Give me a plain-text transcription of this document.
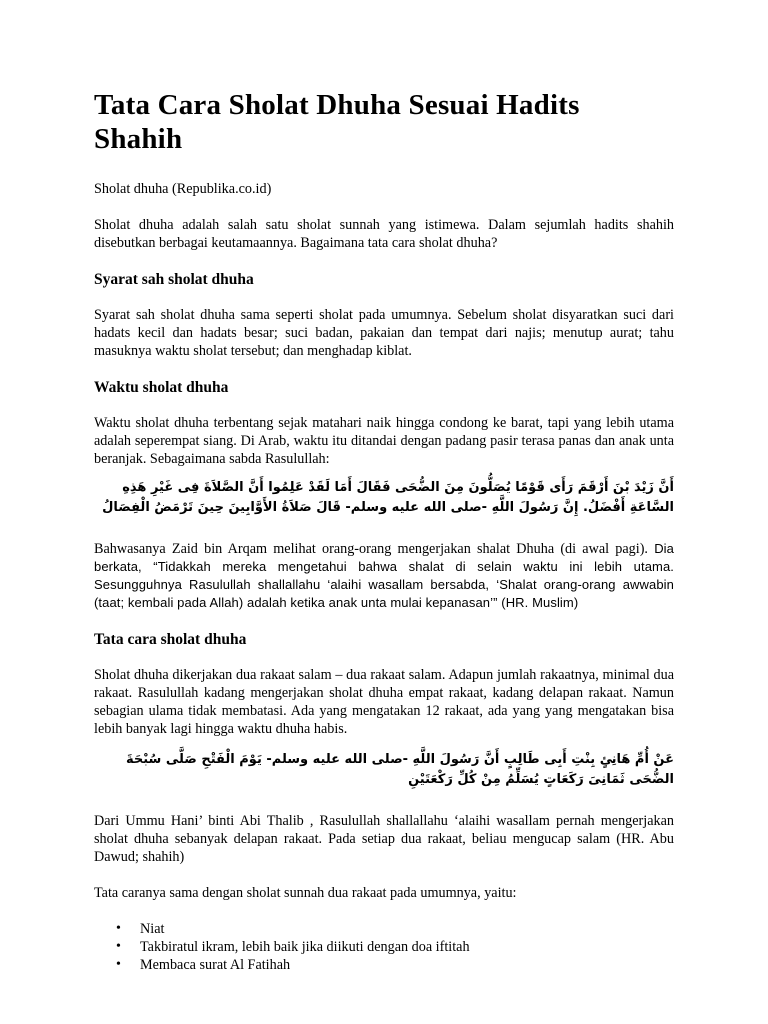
Tata Cara Sholat Dhuha Sesuai Hadits Shahih

Sholat dhuha (Republika.co.id)

Sholat dhuha adalah salah satu sholat sunnah yang istimewa. Dalam sejumlah hadits shahih disebutkan berbagai keutamaannya. Bagaimana tata cara sholat dhuha?

Syarat sah sholat dhuha

Syarat sah sholat dhuha sama seperti sholat pada umumnya. Sebelum sholat disyaratkan suci dari hadats kecil dan hadats besar; suci badan, pakaian dan tempat dari najis; menutup aurat; tahu masuknya waktu sholat tersebut; dan menghadap kiblat.

Waktu sholat dhuha

Waktu sholat dhuha terbentang sejak matahari naik hingga condong ke barat, tapi yang lebih utama adalah seperempat siang. Di Arab, waktu itu ditandai dengan padang pasir terasa panas dan anak unta beranjak. Sebagaimana sabda Rasulullah:

أَنَّ زَيْدَ بْنَ أَرْقَمَ رَأَى قَوْمًا يُصَلُّونَ مِنَ الضُّحَى فَقَالَ أَمَا لَقَدْ عَلِمُوا أَنَّ الصَّلاَةَ فِى غَيْرِ هَذِهِ السَّاعَةِ أَفْضَلُ. إِنَّ رَسُولَ اللَّهِ -صلى الله عليه وسلم- قَالَ صَلاَةُ الأَوَّابِينَ حِينَ تَرْمَضُ الْفِصَالُ

Bahwasanya Zaid bin Arqam melihat orang-orang mengerjakan shalat Dhuha (di awal pagi). Dia berkata, “Tidakkah mereka mengetahui bahwa shalat di selain waktu ini lebih utama. Sesungguhnya Rasulullah shallallahu ‘alaihi wasallam bersabda, ‘Shalat orang-orang awwabin (taat; kembali pada Allah) adalah ketika anak unta mulai kepanasan’” (HR. Muslim)

Tata cara sholat dhuha

Sholat dhuha dikerjakan dua rakaat salam – dua rakaat salam. Adapun jumlah rakaatnya, minimal dua rakaat. Rasulullah kadang mengerjakan sholat dhuha empat rakaat, kadang delapan rakaat. Namun sebagian ulama tidak membatasi. Ada yang mengatakan 12 rakaat, ada yang yang mengatakan bisa lebih banyak lagi hingga waktu dhuha habis.

عَنْ أُمِّ هَانِئٍ بِنْتِ أَبِى طَالِبٍ أَنَّ رَسُولَ اللَّهِ -صلى الله عليه وسلم- يَوْمَ الْفَتْحِ صَلَّى سُبْحَةَ الضُّحَى ثَمَانِىَ رَكَعَاتٍ يُسَلِّمُ مِنْ كُلِّ رَكْعَتَيْنِ

Dari Ummu Hani’ binti Abi Thalib , Rasulullah shallallahu ‘alaihi wasallam pernah mengerjakan sholat dhuha sebanyak delapan rakaat. Pada setiap dua rakaat, beliau mengucap salam (HR. Abu Dawud; shahih)

Tata caranya sama dengan sholat sunnah dua rakaat pada umumnya, yaitu:

• Niat
• Takbiratul ikram, lebih baik jika diikuti dengan doa iftitah
• Membaca surat Al Fatihah
